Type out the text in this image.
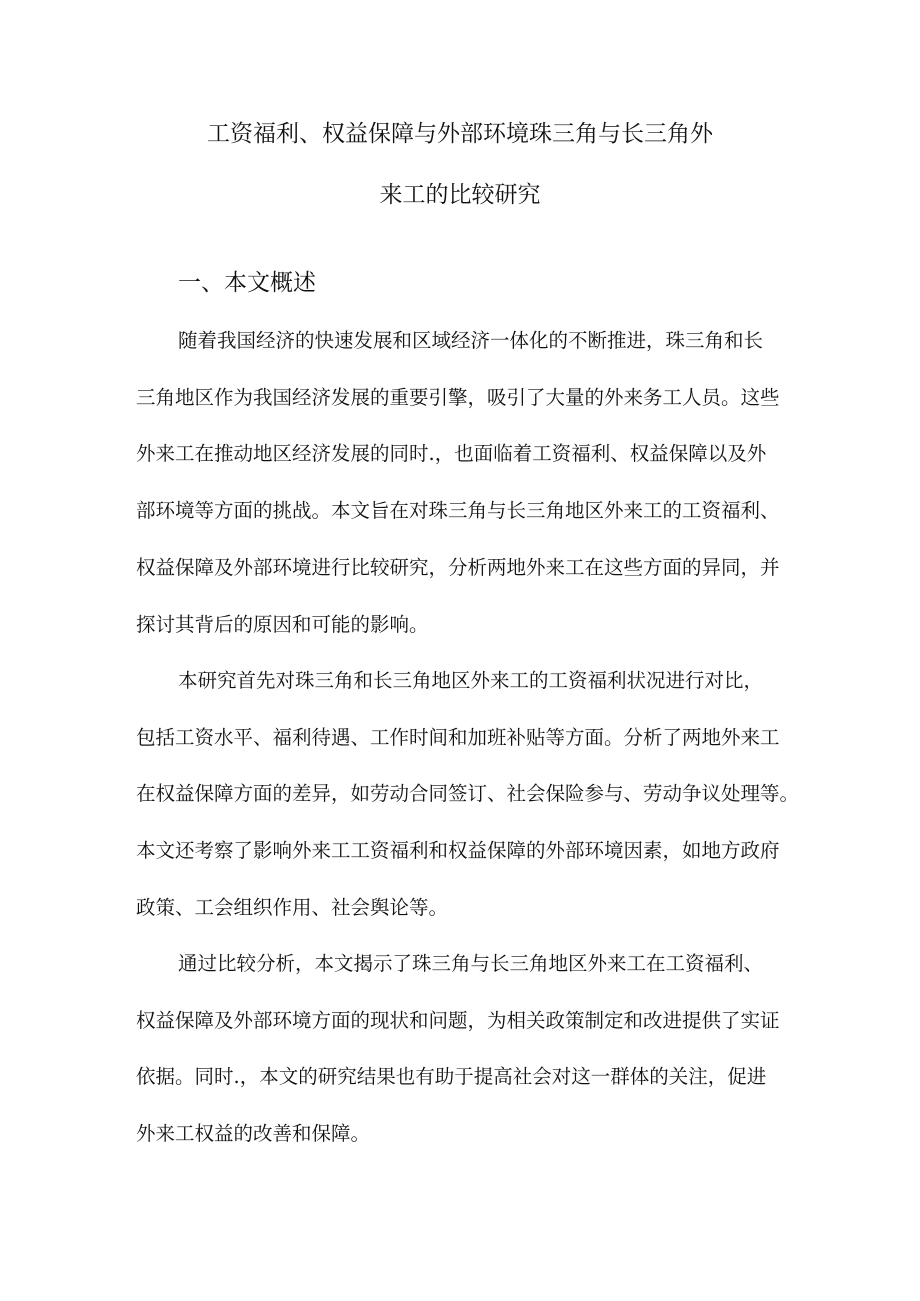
工资福利、权益保障与外部环境珠三角与长三角外
来工的比较研究
一、本文概述
随着我国经济的快速发展和区域经济一体化的不断推进，珠三角和长
三角地区作为我国经济发展的重要引擎，吸引了大量的外来务工人员。这些
外来工在推动地区经济发展的同时.，也面临着工资福利、权益保障以及外
部环境等方面的挑战。本文旨在对珠三角与长三角地区外来工的工资福利、
权益保障及外部环境进行比较研究，分析两地外来工在这些方面的异同，并
探讨其背后的原因和可能的影响。
本研究首先对珠三角和长三角地区外来工的工资福利状况进行对比，
包括工资水平、福利待遇、工作时间和加班补贴等方面。分析了两地外来工
在权益保障方面的差异，如劳动合同签订、社会保险参与、劳动争议处理等。
本文还考察了影响外来工工资福利和权益保障的外部环境因素，如地方政府
政策、工会组织作用、社会舆论等。
通过比较分析，本文揭示了珠三角与长三角地区外来工在工资福利、
权益保障及外部环境方面的现状和问题，为相关政策制定和改进提供了实证
依据。同时.，本文的研究结果也有助于提高社会对这一群体的关注，促进
外来工权益的改善和保障。
